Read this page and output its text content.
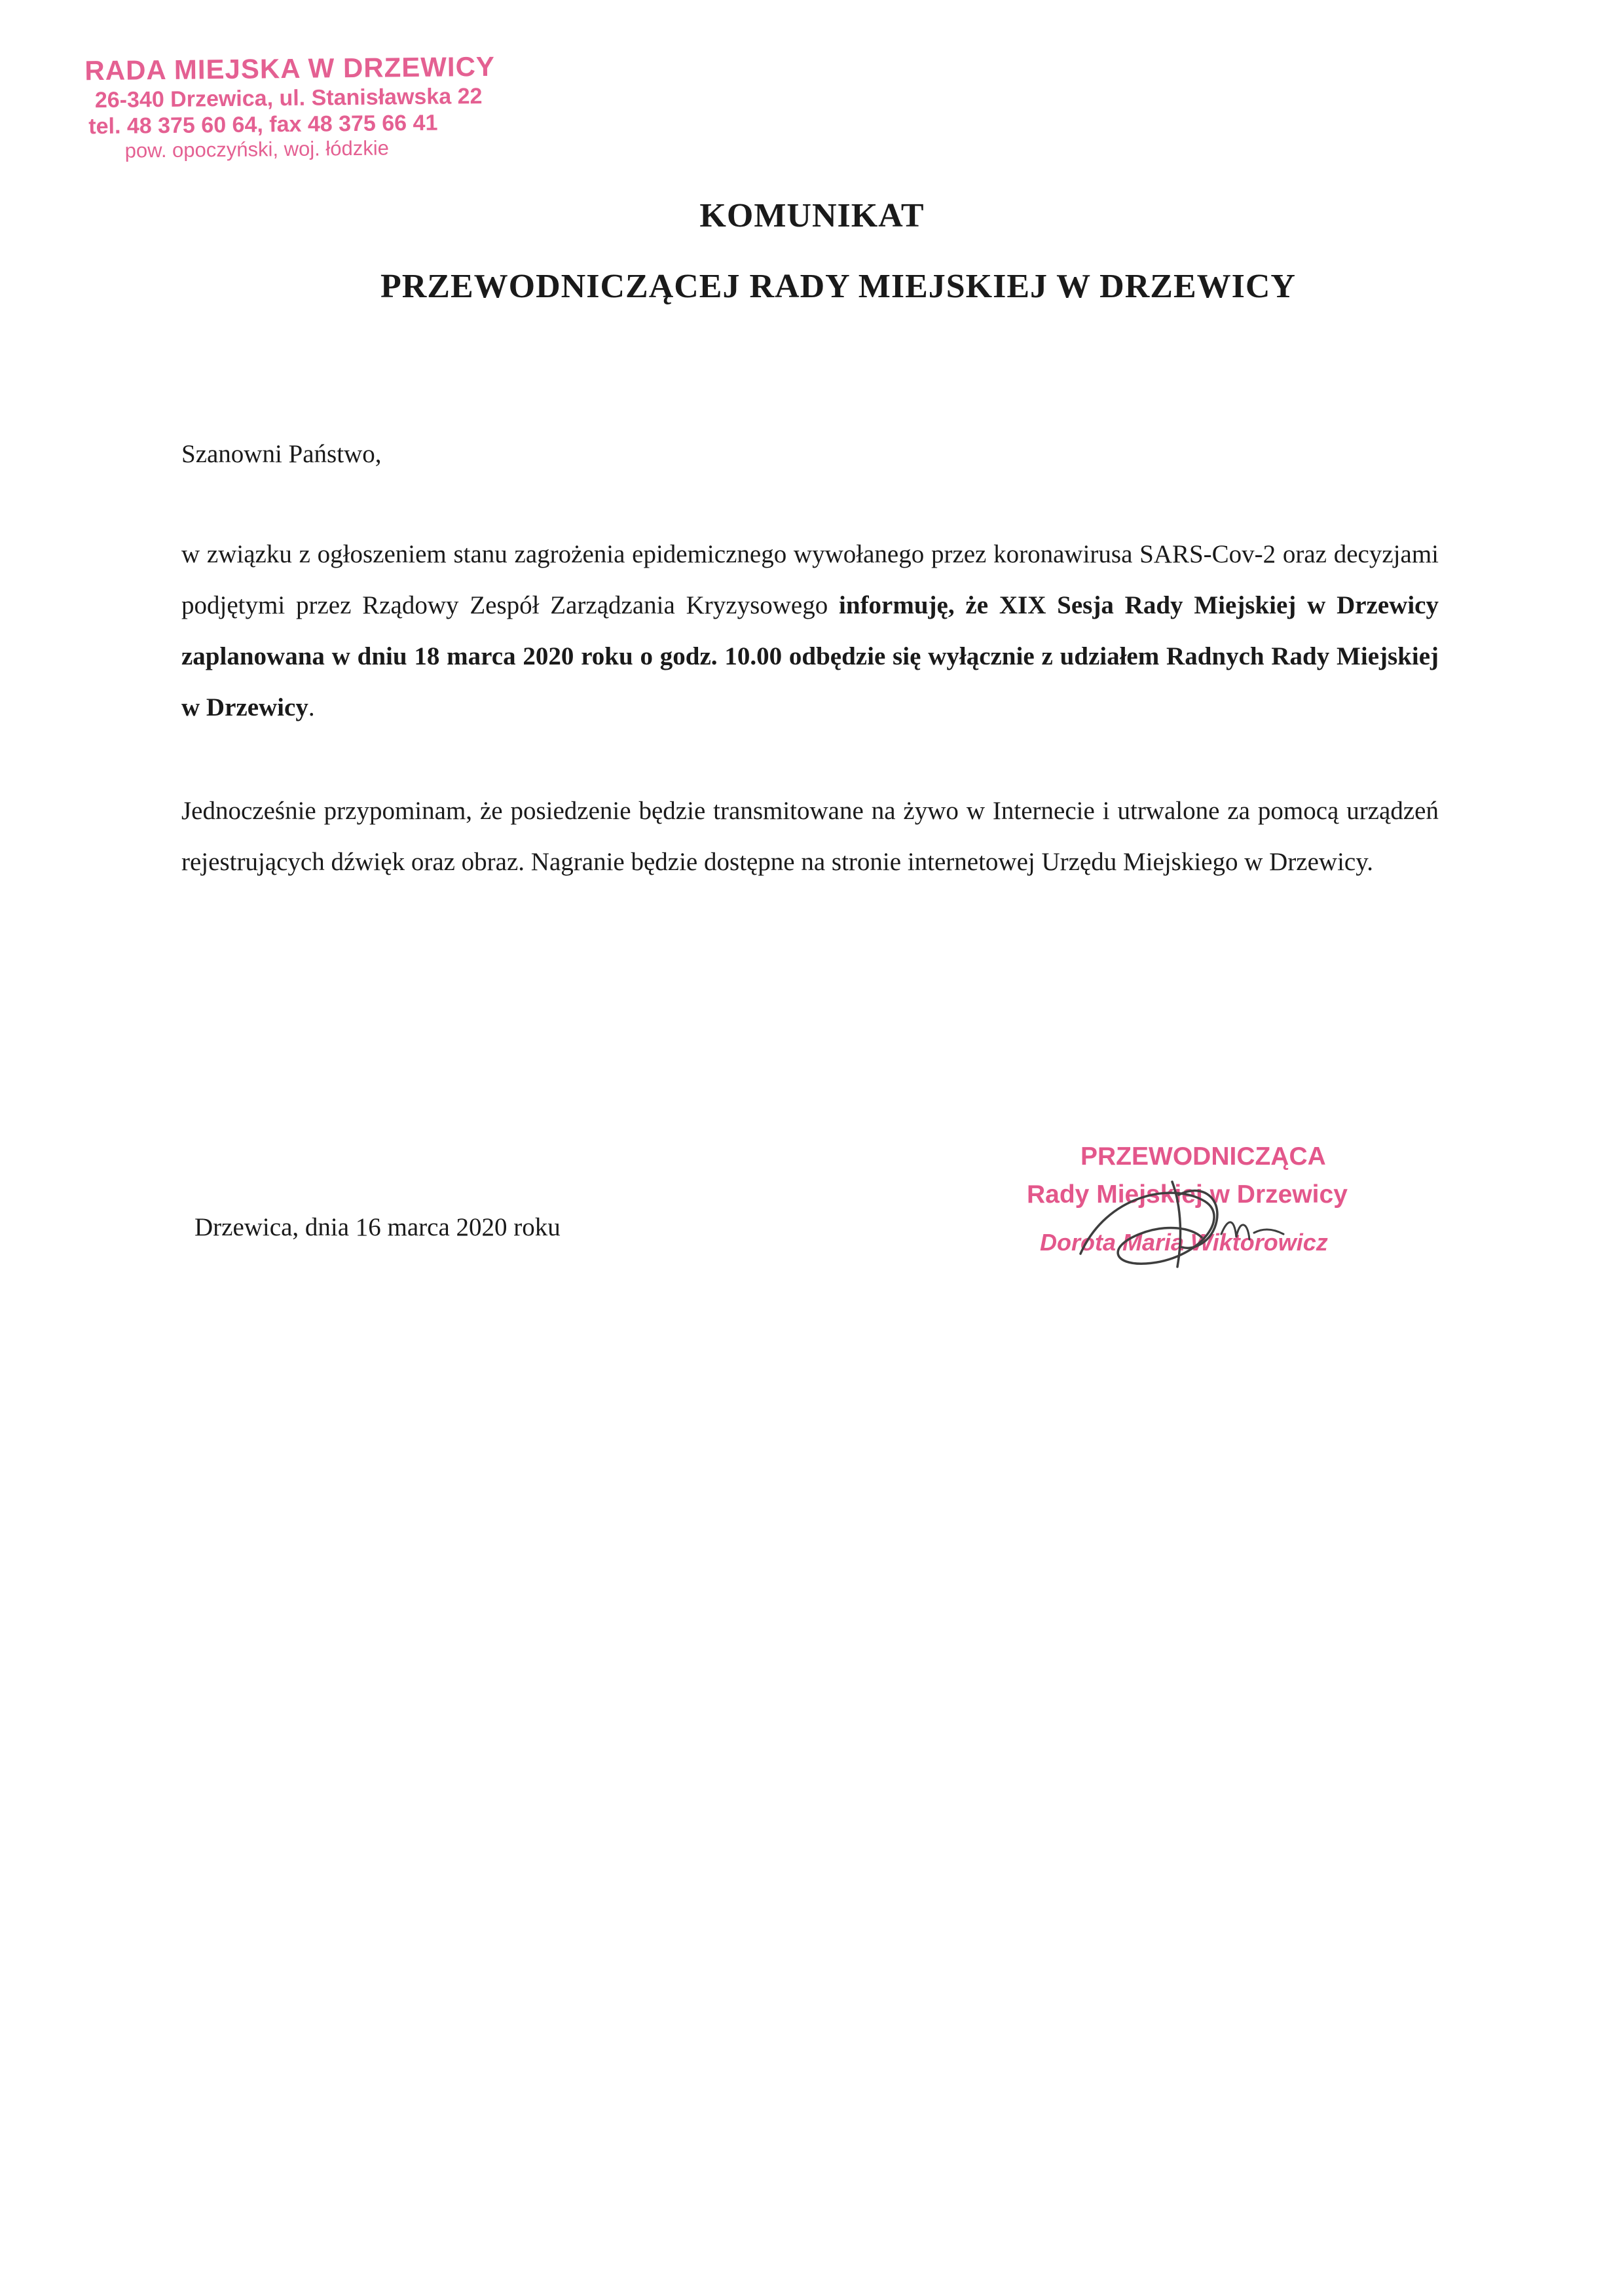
RADA MIEJSKA W DRZEWICY
26-340 Drzewica, ul. Stanisławska 22
tel. 48 375 60 64, fax 48 375 66 41
pow. opoczyński, woj. łódzkie
KOMUNIKAT
PRZEWODNICZĄCEJ RADY MIEJSKIEJ W DRZEWICY
Szanowni Państwo,
w związku z ogłoszeniem stanu zagrożenia epidemicznego wywołanego przez koronawirusa SARS-Cov-2 oraz decyzjami podjętymi przez Rządowy Zespół Zarządzania Kryzysowego informuję, że XIX Sesja Rady Miejskiej w Drzewicy zaplanowana w dniu 18 marca 2020 roku o godz. 10.00 odbędzie się wyłącznie z udziałem Radnych Rady Miejskiej w Drzewicy.
Jednocześnie przypominam, że posiedzenie będzie transmitowane na żywo w Internecie i utrwalone za pomocą urządzeń rejestrujących dźwięk oraz obraz. Nagranie będzie dostępne na stronie internetowej Urzędu Miejskiego w Drzewicy.
Drzewica, dnia 16 marca 2020 roku
PRZEWODNICZĄCA
Rady Miejskiej w Drzewicy
Dorota Maria Wiktorowicz
